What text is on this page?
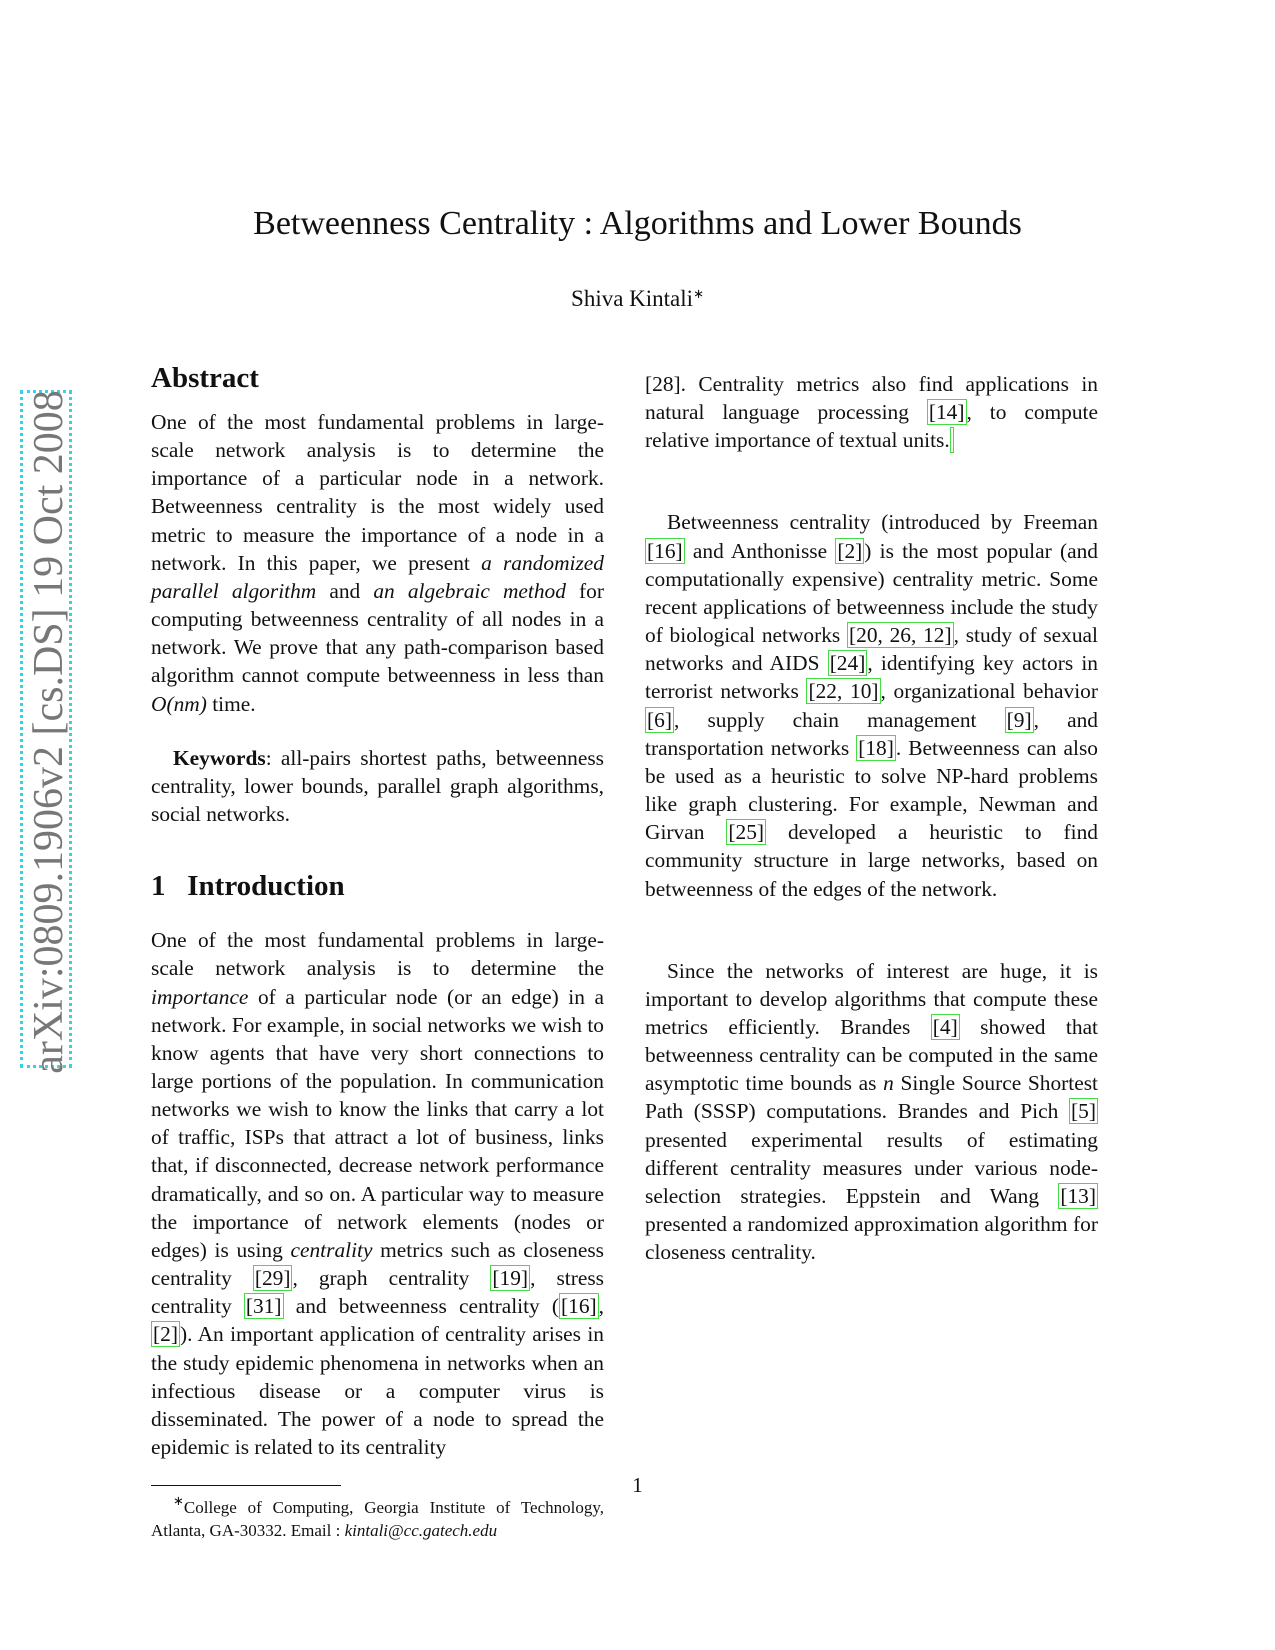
arXiv:0809.1906v2 [cs.DS] 19 Oct 2008
Betweenness Centrality : Algorithms and Lower Bounds
Shiva Kintali∗
Abstract

One of the most fundamental problems in large-scale network analysis is to determine the importance of a particular node in a network. Betweenness centrality is the most widely used metric to measure the importance of a node in a network. In this paper, we present a randomized parallel algorithm and an algebraic method for computing betweenness centrality of all nodes in a network. We prove that any path-comparison based algorithm cannot compute betweenness in less than O(nm) time.

Keywords: all-pairs shortest paths, betweenness centrality, lower bounds, parallel graph algorithms, social networks.

1 Introduction

One of the most fundamental problems in large-scale network analysis is to determine the importance of a particular node (or an edge) in a network. For example, in social networks we wish to know agents that have very short connections to large portions of the population. In communication networks we wish to know the links that carry a lot of traffic, ISPs that attract a lot of business, links that, if disconnected, decrease network performance dramatically, and so on. A particular way to measure the importance of network elements (nodes or edges) is using centrality metrics such as closeness centrality [29], graph centrality [19], stress centrality [31] and betweenness centrality ([16], [2]). An important application of centrality arises in the study epidemic phenomena in networks when an infectious disease or a computer virus is disseminated. The power of a node to spread the epidemic is related to its centrality

∗College of Computing, Georgia Institute of Technology, Atlanta, GA-30332. Email : kintali@cc.gatech.edu

[28]. Centrality metrics also find applications in natural language processing [14], to compute relative importance of textual units.

Betweenness centrality (introduced by Freeman [16] and Anthonisse [2]) is the most popular (and computationally expensive) centrality metric. Some recent applications of betweenness include the study of biological networks [20, 26, 12], study of sexual networks and AIDS [24], identifying key actors in terrorist networks [22, 10], organizational behavior [6], supply chain management [9], and transportation networks [18]. Betweenness can also be used as a heuristic to solve NP-hard problems like graph clustering. For example, Newman and Girvan [25] developed a heuristic to find community structure in large networks, based on betweenness of the edges of the network.

Since the networks of interest are huge, it is important to develop algorithms that compute these metrics efficiently. Brandes [4] showed that betweenness centrality can be computed in the same asymptotic time bounds as n Single Source Shortest Path (SSSP) computations. Brandes and Pich [5] presented experimental results of estimating different centrality measures under various node-selection strategies. Eppstein and Wang [13] presented a randomized approximation algorithm for closeness centrality.

1
